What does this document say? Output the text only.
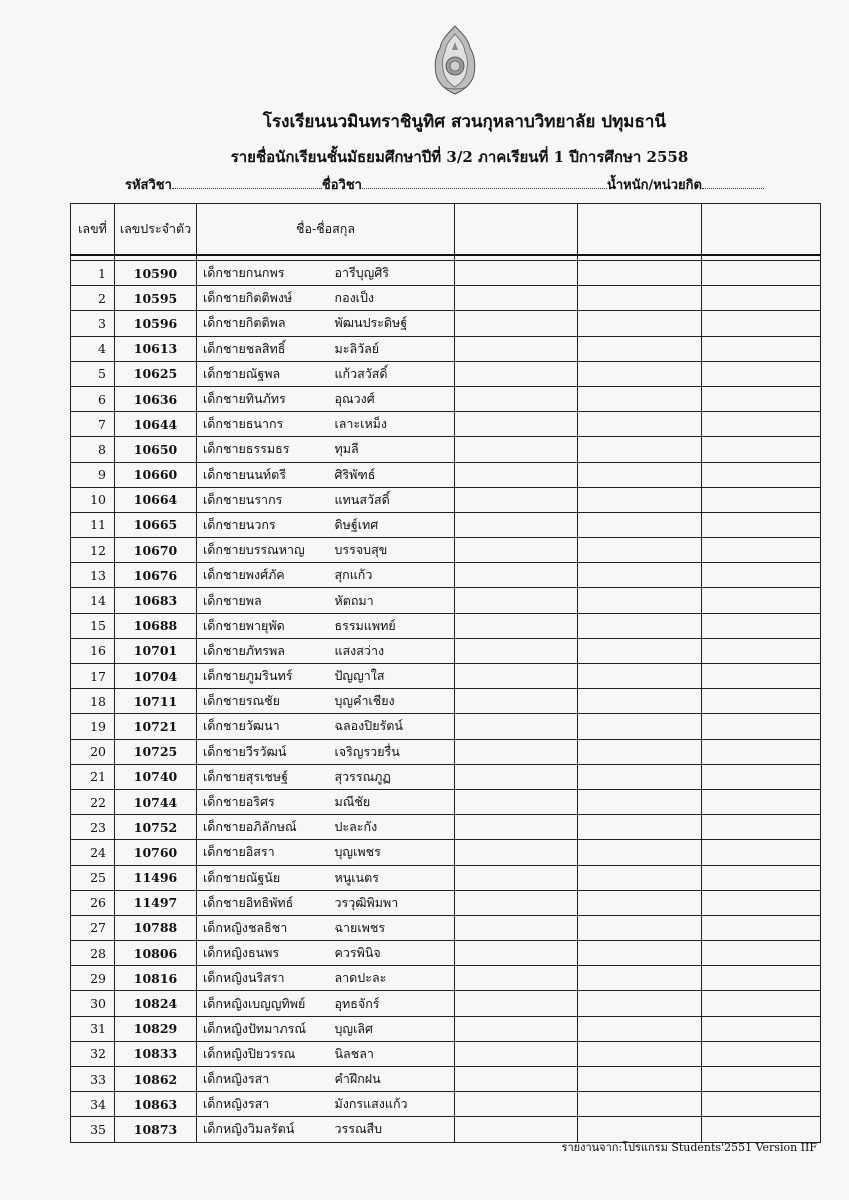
โรงเรียนนวมินทราชินูทิศ สวนกุหลาบวิทยาลัย ปทุมธานี
รายชื่อนักเรียนชั้นมัธยมศึกษาปีที่ 3/2 ภาคเรียนที่ 1 ปีการศึกษา 2558
รหัสวิชา	ชื่อวิชา	น้ำหนัก/หน่วยกิต
เลขที่	เลขประจำตัว	ชื่อ-ชื่อสกุล				

1	10590	เด็กชายกนกพร	อารีบุญศิริ			
2	10595	เด็กชายกิตติพงษ์	กองเป็ง			
3	10596	เด็กชายกิตติพล	พัฒนประดิษฐ์			
4	10613	เด็กชายชลสิทธิ์	มะลิวัลย์			
5	10625	เด็กชายณัฐพล	แก้วสวัสดิ์			
6	10636	เด็กชายทินภัทร	อุณวงศ์			
7	10644	เด็กชายธนากร	เลาะเหม็ง			
8	10650	เด็กชายธรรมธร	ทุมลี			
9	10660	เด็กชายนนท์ตรี	ศิริพัฑธ์			
10	10664	เด็กชายนรากร	แทนสวัสดิ์			
11	10665	เด็กชายนวกร	ดิษฐ์เทศ			
12	10670	เด็กชายบรรณหาญ	บรรจบสุข			
13	10676	เด็กชายพงศ์ภัค	สุกแก้ว			
14	10683	เด็กชายพล	หัตถมา			
15	10688	เด็กชายพายุพัด	ธรรมแพทย์			
16	10701	เด็กชายภัทรพล	แสงสว่าง			
17	10704	เด็กชายภูมรินทร์	ปัญญาใส			
18	10711	เด็กชายรณชัย	บุญคำเชียง			
19	10721	เด็กชายวัฒนา	ฉลองปิยรัตน์			
20	10725	เด็กชายวีรวัฒน์	เจริญรวยรื่น			
21	10740	เด็กชายสุรเชษฐ์	สุวรรณภูฏ			
22	10744	เด็กชายอริศร	มณีชัย			
23	10752	เด็กชายอภิลักษณ์	ปะละกัง			
24	10760	เด็กชายอิสรา	บุญเพชร			
25	11496	เด็กชายณัฐนัย	หนูเนตร			
26	11497	เด็กชายอิทธิพัทธ์	วรวุฒิพิมพา			
27	10788	เด็กหญิงชลธิชา	ฉายเพชร			
28	10806	เด็กหญิงธนพร	ควรพินิจ			
29	10816	เด็กหญิงนริสรา	ลาดปะละ			
30	10824	เด็กหญิงเบญญทิพย์	อุทธจักร์			
31	10829	เด็กหญิงปัทมาภรณ์	บุญเลิศ			
32	10833	เด็กหญิงปิยวรรณ	นิลชลา			
33	10862	เด็กหญิงรสา	คำฝึกฝน			
34	10863	เด็กหญิงรสา	มังกรแสงแก้ว			
35	10873	เด็กหญิงวิมลรัตน์	วรรณสืบ			
รายงานจาก:โปรแกรม Students'2551 Version IIF
